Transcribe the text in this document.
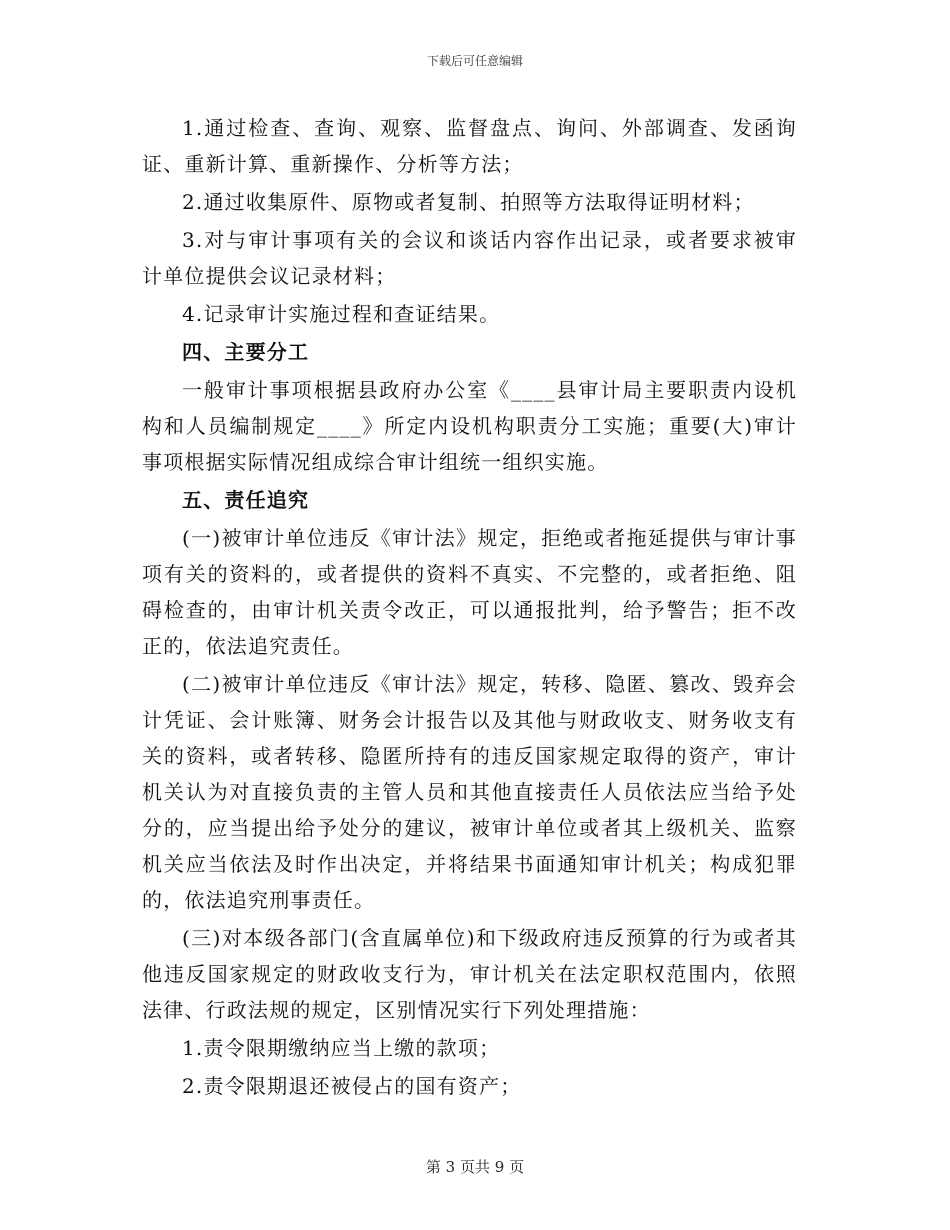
下载后可任意编辑

1.通过检查、查询、观察、监督盘点、询问、外部调查、发函询证、重新计算、重新操作、分析等方法；

2.通过收集原件、原物或者复制、拍照等方法取得证明材料；

3.对与审计事项有关的会议和谈话内容作出记录，或者要求被审计单位提供会议记录材料；

4.记录审计实施过程和查证结果。

四、主要分工

一般审计事项根据县政府办公室《____县审计局主要职责内设机构和人员编制规定____》所定内设机构职责分工实施；重要(大)审计事项根据实际情况组成综合审计组统一组织实施。

五、责任追究

(一)被审计单位违反《审计法》规定，拒绝或者拖延提供与审计事项有关的资料的，或者提供的资料不真实、不完整的，或者拒绝、阻碍检查的，由审计机关责令改正，可以通报批判，给予警告；拒不改正的，依法追究责任。

(二)被审计单位违反《审计法》规定，转移、隐匿、篡改、毁弃会计凭证、会计账簿、财务会计报告以及其他与财政收支、财务收支有关的资料，或者转移、隐匿所持有的违反国家规定取得的资产，审计机关认为对直接负责的主管人员和其他直接责任人员依法应当给予处分的，应当提出给予处分的建议，被审计单位或者其上级机关、监察机关应当依法及时作出决定，并将结果书面通知审计机关；构成犯罪的，依法追究刑事责任。

(三)对本级各部门(含直属单位)和下级政府违反预算的行为或者其他违反国家规定的财政收支行为，审计机关在法定职权范围内，依照法律、行政法规的规定，区别情况实行下列处理措施：

1.责令限期缴纳应当上缴的款项；

2.责令限期退还被侵占的国有资产；

第 3 页共 9 页
